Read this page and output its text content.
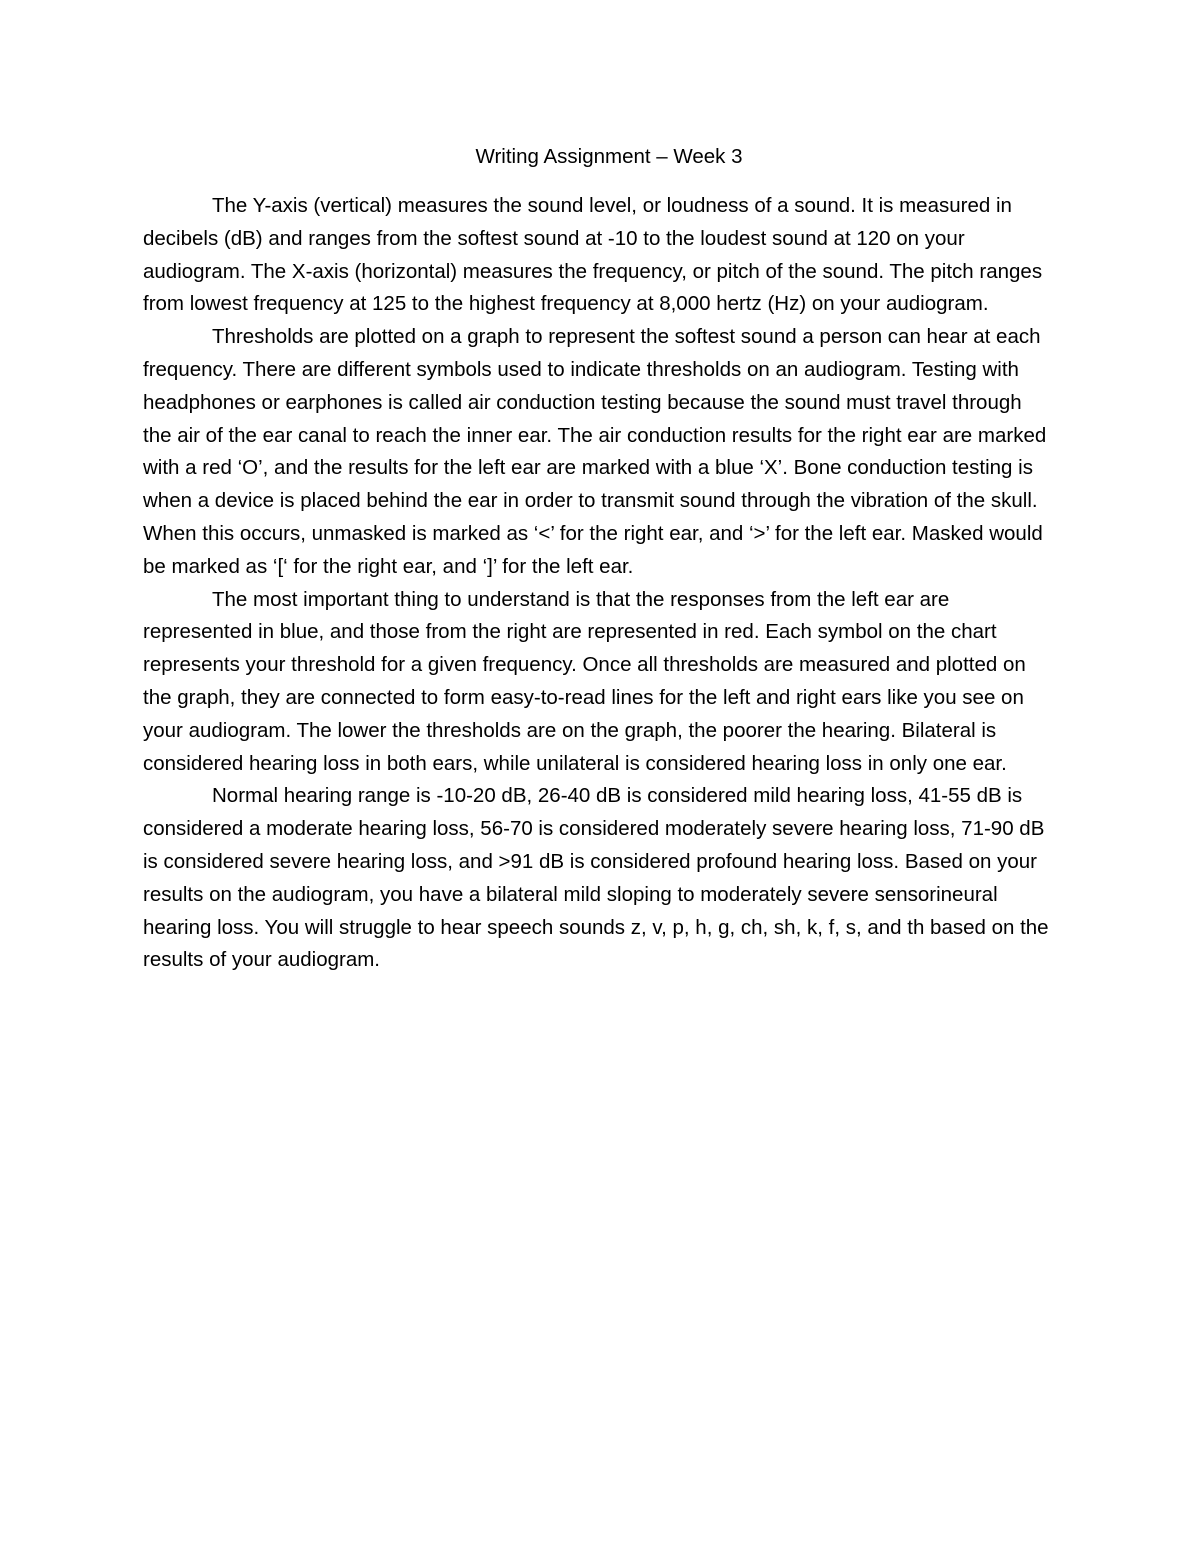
Writing Assignment – Week 3

The Y-axis (vertical) measures the sound level, or loudness of a sound. It is measured in decibels (dB) and ranges from the softest sound at -10 to the loudest sound at 120 on your audiogram. The X-axis (horizontal) measures the frequency, or pitch of the sound. The pitch ranges from lowest frequency at 125 to the highest frequency at 8,000 hertz (Hz) on your audiogram.

Thresholds are plotted on a graph to represent the softest sound a person can hear at each frequency. There are different symbols used to indicate thresholds on an audiogram. Testing with headphones or earphones is called air conduction testing because the sound must travel through the air of the ear canal to reach the inner ear. The air conduction results for the right ear are marked with a red ‘O’, and the results for the left ear are marked with a blue ‘X’. Bone conduction testing is when a device is placed behind the ear in order to transmit sound through the vibration of the skull. When this occurs, unmasked is marked as ‘<’ for the right ear, and ‘>’ for the left ear. Masked would be marked as ‘[‘ for the right ear, and ‘]’ for the left ear.

The most important thing to understand is that the responses from the left ear are represented in blue, and those from the right are represented in red. Each symbol on the chart represents your threshold for a given frequency. Once all thresholds are measured and plotted on the graph, they are connected to form easy-to-read lines for the left and right ears like you see on your audiogram. The lower the thresholds are on the graph, the poorer the hearing. Bilateral is considered hearing loss in both ears, while unilateral is considered hearing loss in only one ear.

Normal hearing range is -10-20 dB, 26-40 dB is considered mild hearing loss, 41-55 dB is considered a moderate hearing loss, 56-70 is considered moderately severe hearing loss, 71-90 dB is considered severe hearing loss, and >91 dB is considered profound hearing loss. Based on your results on the audiogram, you have a bilateral mild sloping to moderately severe sensorineural hearing loss. You will struggle to hear speech sounds z, v, p, h, g, ch, sh, k, f, s, and th based on the results of your audiogram.
